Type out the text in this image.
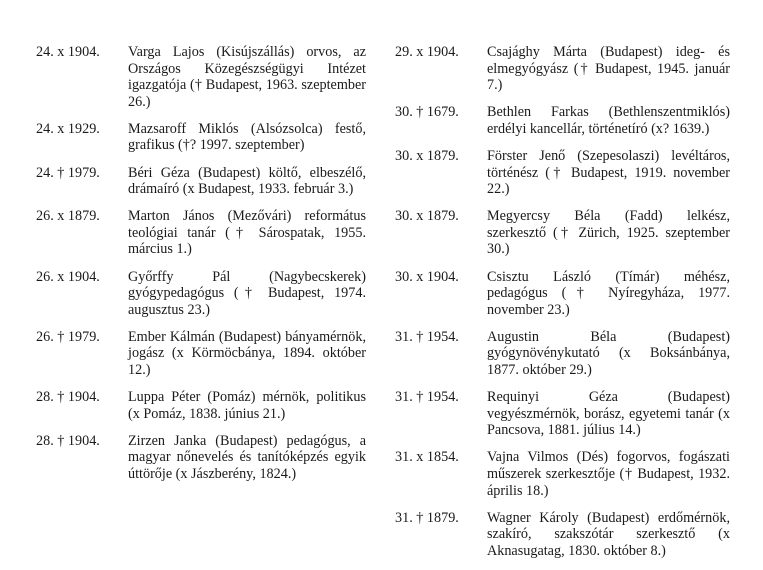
24. x 1904.	Varga Lajos (Kisújszállás) orvos, az Országos Közegészségügyi Intézet igazgatója († Budapest, 1963. szeptember 26.)
24. x 1929.	Mazsaroff Miklós (Alsózsolca) festő, grafikus (†? 1997. szeptember)
24. † 1979.	Béri Géza (Budapest) költő, elbeszélő, drámaíró (x Budapest, 1933. február 3.)
26. x 1879.	Marton János (Mezővári) református teológiai tanár († Sárospatak, 1955. március 1.)
26. x 1904.	Győrffy Pál (Nagybecskerek) gyógypedagógus († Budapest, 1974. augusztus 23.)
26. † 1979.	Ember Kálmán (Budapest) bányamérnök, jogász (x Körmöcbánya, 1894. október 12.)
28. † 1904.	Luppa Péter (Pomáz) mérnök, politikus (x Pomáz, 1838. június 21.)
28. † 1904.	Zirzen Janka (Budapest) pedagógus, a magyar nőnevelés és tanítóképzés egyik úttörője (x Jászberény, 1824.)
29. x 1904.	Csajághy Márta (Budapest) ideg- és elmegyógyász († Budapest, 1945. január 7.)
30. † 1679.	Bethlen Farkas (Bethlenszentmiklós) erdélyi kancellár, történetíró (x? 1639.)
30. x 1879.	Förster Jenő (Szepesolaszi) levéltáros, történész († Budapest, 1919. november 22.)
30. x 1879.	Megyercsy Béla (Fadd) lelkész, szerkesztő († Zürich, 1925. szeptember 30.)
30. x 1904.	Csisztu László (Tímár) méhész, pedagógus († Nyíregyháza, 1977. november 23.)
31. † 1954.	Augustin Béla (Budapest) gyógynövénykutató (x Boksánbánya, 1877. október 29.)
31. † 1954.	Requinyi Géza (Budapest) vegyészmérnök, borász, egyetemi tanár (x Pancsova, 1881. július 14.)
31. x 1854.	Vajna Vilmos (Dés) fogorvos, fogászati műszerek szerkesztője († Budapest, 1932. április 18.)
31. † 1879.	Wagner Károly (Budapest) erdőmérnök, szakíró, szakszótár szerkesztő (x Aknasugatag, 1830. október 8.)
